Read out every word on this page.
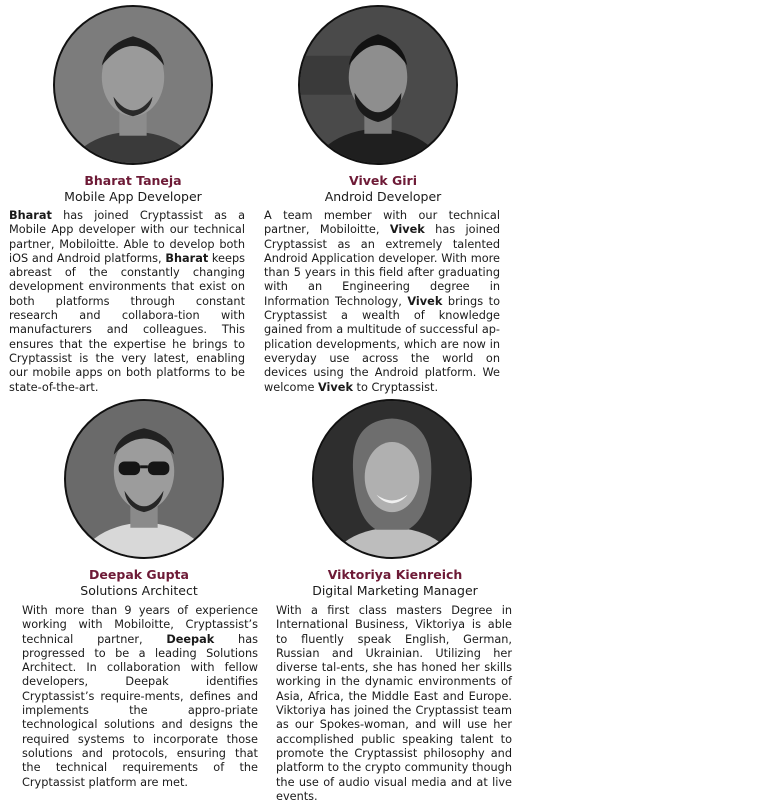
Bharat Taneja
Mobile App Developer
Bharat has joined Cryptassist as a Mobile App developer with our technical partner, Mobiloitte. Able to develop both iOS and Android platforms, Bharat keeps abreast of the constantly changing development environments that exist on both platforms through constant research and collabora-tion with manufacturers and colleagues. This ensures that the expertise he brings to Cryptassist is the very latest, enabling our mobile apps on both platforms to be state-of-the-art.
Vivek Giri
Android Developer
A team member with our technical partner, Mobiloitte, Vivek has joined Cryptassist as an extremely talented Android Application developer. With more than 5 years in this field after graduating with an Engineering degree in Information Technology, Vivek brings to Cryptassist a wealth of knowledge gained from a multitude of successful ap-plication developments, which are now in everyday use across the world on devices using the Android platform. We welcome Vivek to Cryptassist.
Deepak Gupta
Solutions Architect
With more than 9 years of experience working with Mobiloitte, Cryptassist’s technical partner, Deepak has progressed to be a leading Solutions Architect. In collaboration with fellow developers, Deepak identifies Cryptassist’s require-ments, defines and implements the appro-priate technological solutions and designs the required systems to incorporate those solutions and protocols, ensuring that the technical requirements of the Cryptassist platform are met.
Viktoriya Kienreich
Digital Marketing Manager
With a first class masters Degree in International Business, Viktoriya is able to fluently speak English, German, Russian and Ukrainian. Utilizing her diverse tal-ents, she has honed her skills working in the dynamic environments of Asia, Africa, the Middle East and Europe. Viktoriya has joined the Cryptassist team as our Spokes-woman, and will use her accomplished public speaking talent to promote the Cryptassist philosophy and platform to the crypto community though the use of audio visual media and at live events.
